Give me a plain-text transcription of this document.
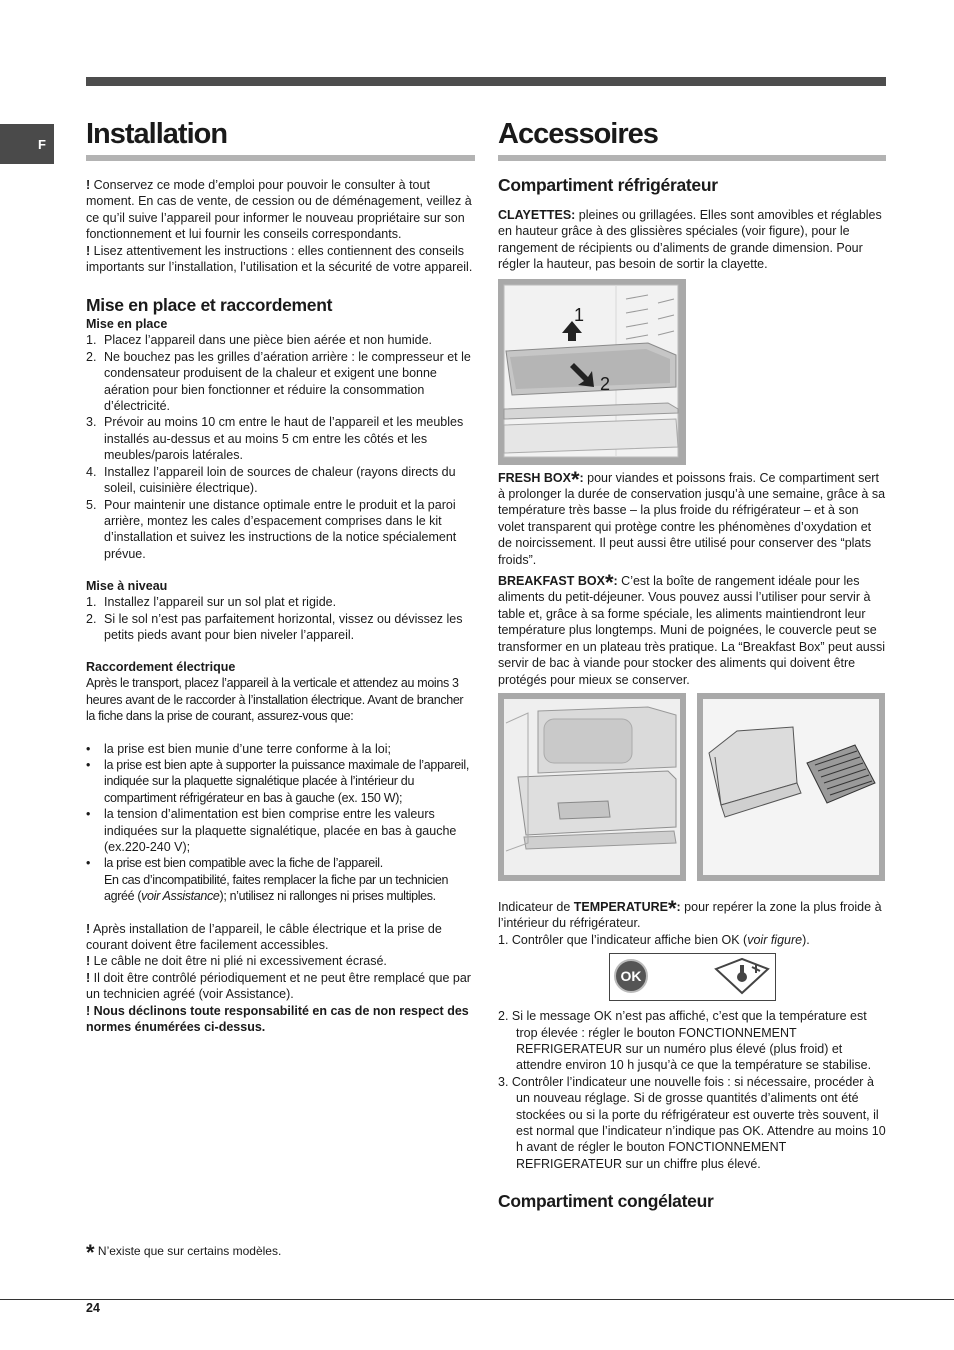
F Installation

! Conservez ce mode d’emploi pour pouvoir le consulter à tout moment. En cas de vente, de cession ou de déménagement, veillez à ce qu’il suive l’appareil pour informer le nouveau propriétaire sur son fonctionnement et lui fournir les conseils correspondants.

! Lisez attentivement les instructions : elles contiennent des conseils importants sur l’installation, l’utilisation et la sécurité de votre appareil.

Mise en place et raccordement
Mise en place
1. Placez l’appareil dans une pièce bien aérée et non humide.
2. Ne bouchez pas les grilles d’aération arrière : le compresseur et le condensateur produisent de la chaleur et exigent une bonne aération pour bien fonctionner et réduire la consommation d’électricité.
3. Prévoir au moins 10 cm entre le haut de l’appareil et les meubles installés au-dessus et au moins 5 cm entre les côtés et les meubles/parois latérales.
4. Installez l’appareil loin de sources de chaleur (rayons directs du soleil, cuisinière électrique).
5. Pour maintenir une distance optimale entre le produit et la paroi arrière, montez les cales d’espacement comprises dans le kit d’installation et suivez les instructions de la notice spécialement prévue.
Mise à niveau
1. Installez l’appareil sur un sol plat et rigide.
2. Si le sol n’est pas parfaitement horizontal, vissez ou dévissez les petits pieds avant pour bien niveler l’appareil.
Raccordement électrique

Après le transport, placez l’appareil à la verticale et attendez au moins 3 heures avant de le raccorder à l’installation électrique. Avant de brancher la fiche dans la prise de courant, assurez-vous que:

• la prise est bien munie d’une terre conforme à la loi;
• la prise est bien apte à supporter la puissance maximale de l’appareil, indiquée sur la plaquette signalétique placée à l’intérieur du compartiment réfrigérateur en bas à gauche (ex. 150 W);
• la tension d’alimentation est bien comprise entre les valeurs indiquées sur la plaquette signalétique, placée en bas à gauche (ex.220-240 V);
• la prise est bien compatible avec la fiche de l’appareil.
En cas d’incompatibilité, faites remplacer la fiche par un technicien agréé (voir Assistance); n’utilisez ni rallonges ni prises multiples.

! Après installation de l’appareil, le câble électrique et la prise de courant doivent être facilement accessibles.

! Le câble ne doit être ni plié ni excessivement écrasé.

! Il doit être contrôlé périodiquement et ne peut être remplacé que par un technicien agréé (voir Assistance).

! Nous déclinons toute responsabilité en cas de non respect des normes énumérées ci-dessus.

Accessoires
Compartiment réfrigérateur

CLAYETTES: pleines ou grillagées. Elles sont amovibles et réglables en hauteur grâce à des glissières spéciales (voir figure), pour le rangement de récipients ou d’aliments de grande dimension. Pour régler la hauteur, pas besoin de sortir la clayette.

1
2

FRESH BOX*: pour viandes et poissons frais. Ce compartiment sert à prolonger la durée de conservation jusqu’à une semaine, grâce à sa température très basse – la plus froide du réfrigérateur – et à son volet transparent qui protège contre les phénomènes d’oxydation et de noircissement. Il peut aussi être utilisé pour conserver des “plats froids”.

BREAKFAST BOX*: C’est la boîte de rangement idéale pour les aliments du petit-déjeuner. Vous pouvez aussi l’utiliser pour servir à table et, grâce à sa forme spéciale, les aliments maintiendront leur température plus longtemps. Muni de poignées, le couvercle peut se transformer en un plateau très pratique. La “Breakfast Box” peut aussi servir de bac à viande pour stocker des aliments qui doivent être protégés pour mieux se conserver.

Indicateur de TEMPERATURE*: pour repérer la zone la plus froide à l’intérieur du réfrigérateur.

1. Contrôler que l’indicateur affiche bien OK (voir figure).

OK
2. Si le message OK n’est pas affiché, c’est que la température est trop élevée : régler le bouton FONCTIONNEMENT REFRIGERATEUR sur un numéro plus élevé (plus froid) et attendre environ 10 h jusqu’à ce que la température se stabilise.
3. Contrôler l’indicateur une nouvelle fois : si nécessaire, procéder à un nouveau réglage. Si de grosse quantités d’aliments ont été stockées ou si la porte du réfrigérateur est ouverte très souvent, il est normal que l’indicateur n’indique pas OK. Attendre au moins 10 h avant de régler le bouton FONCTIONNEMENT REFRIGERATEUR sur un chiffre plus élevé.
Compartiment congélateur
* N’existe que sur certains modèles.
24
